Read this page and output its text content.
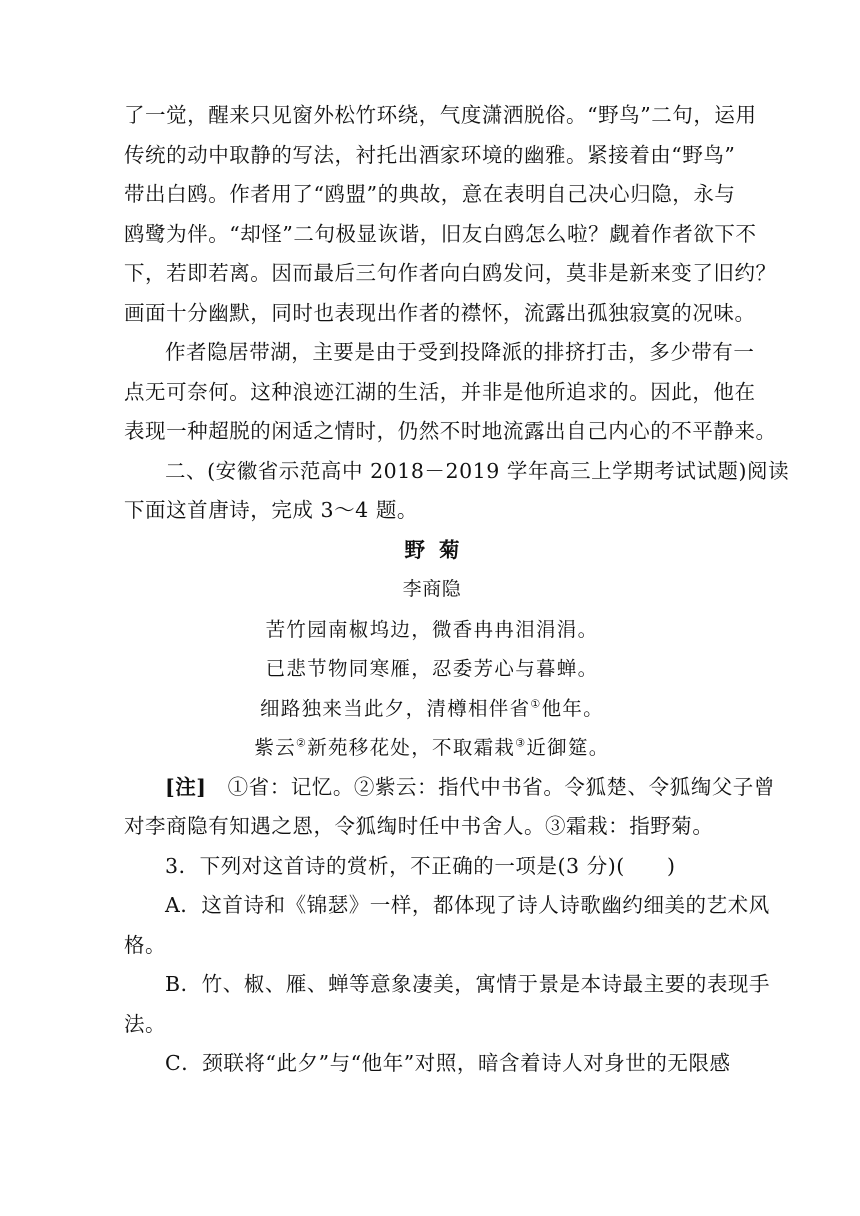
了一觉，醒来只见窗外松竹环绕，气度潇洒脱俗。“野鸟”二句，运用
传统的动中取静的写法，衬托出酒家环境的幽雅。紧接着由“野鸟”
带出白鸥。作者用了“鸥盟”的典故，意在表明自己决心归隐，永与
鸥鹭为伴。“却怪”二句极显诙谐，旧友白鸥怎么啦？觑着作者欲下不
下，若即若离。因而最后三句作者向白鸥发问，莫非是新来变了旧约？
画面十分幽默，同时也表现出作者的襟怀，流露出孤独寂寞的况味。
作者隐居带湖，主要是由于受到投降派的排挤打击，多少带有一
点无可奈何。这种浪迹江湖的生活，并非是他所追求的。因此，他在
表现一种超脱的闲适之情时，仍然不时地流露出自己内心的不平静来。
二、(安徽省示范高中 2018－2019 学年高三上学期考试试题)阅读
下面这首唐诗，完成 3～4 题。
野菊
李商隐
苦竹园南椒坞边，微香冉冉泪涓涓。
已悲节物同寒雁，忍委芳心与暮蝉。
细路独来当此夕，清樽相伴省①他年。
紫云②新苑移花处，不取霜栽③近御筵。
[注]　①省：记忆。②紫云：指代中书省。令狐楚、令狐绹父子曾
对李商隐有知遇之恩，令狐绹时任中书舍人。③霜栽：指野菊。
3．下列对这首诗的赏析，不正确的一项是(3 分)(　　)
A．这首诗和《锦瑟》一样，都体现了诗人诗歌幽约细美的艺术风
格。
B．竹、椒、雁、蝉等意象凄美，寓情于景是本诗最主要的表现手
法。
C．颈联将“此夕”与“他年”对照，暗含着诗人对身世的无限感
